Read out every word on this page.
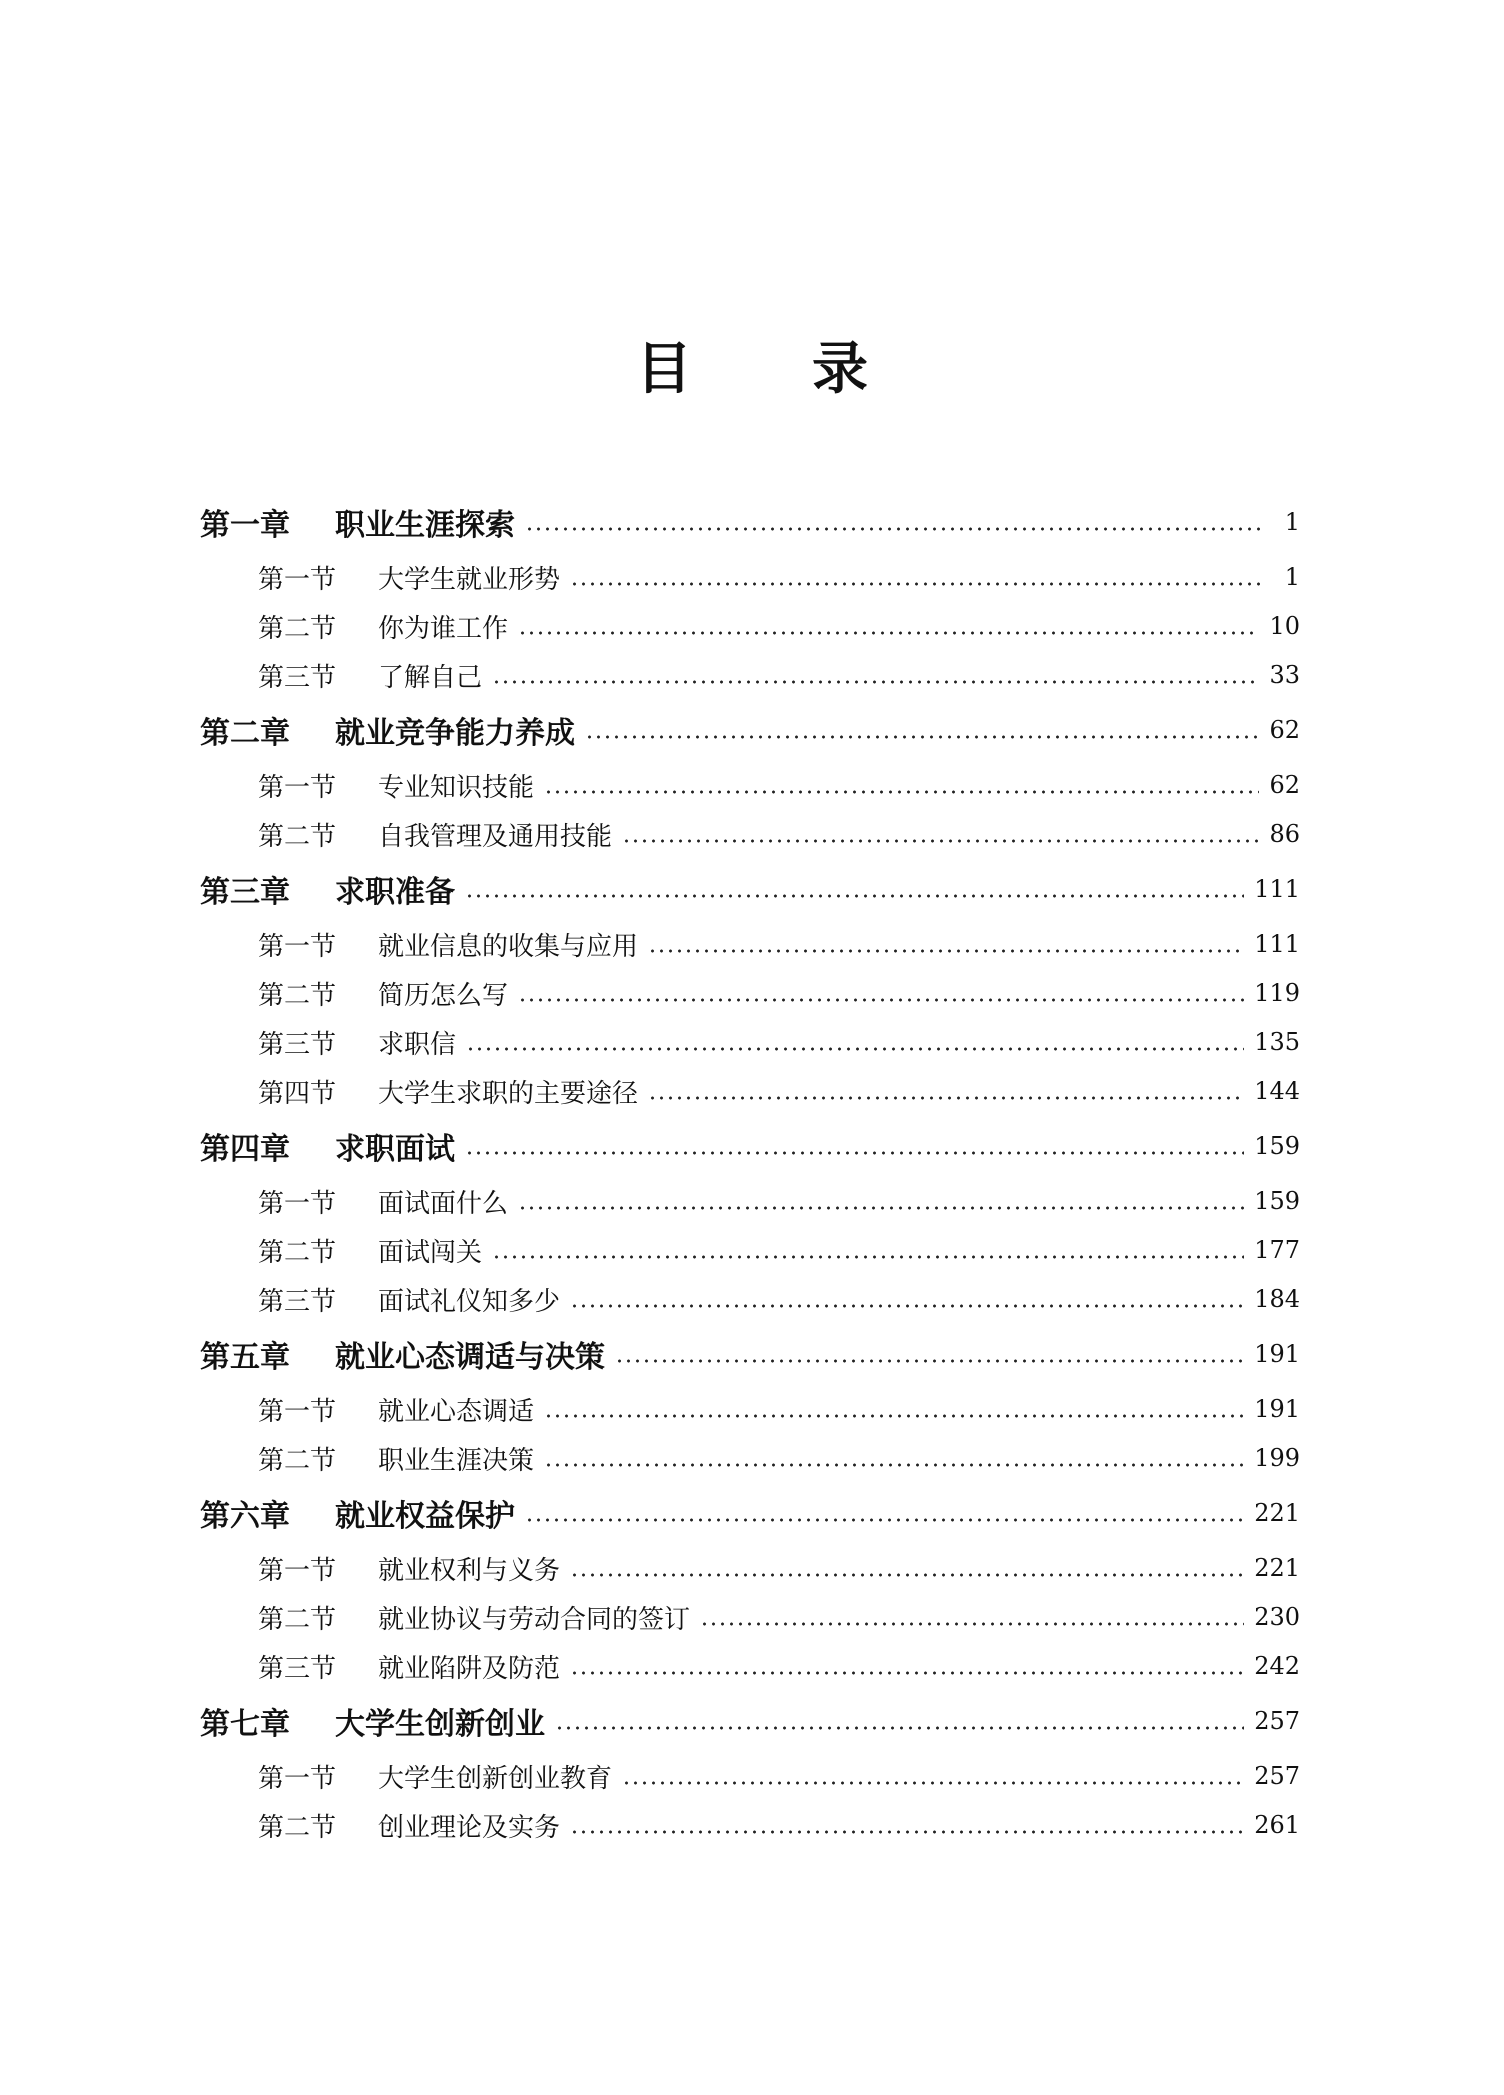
目 录
第一章	职业生涯探索	1
第一节	大学生就业形势	1
第二节	你为谁工作	10
第三节	了解自己	33
第二章	就业竞争能力养成	62
第一节	专业知识技能	62
第二节	自我管理及通用技能	86
第三章	求职准备	111
第一节	就业信息的收集与应用	111
第二节	简历怎么写	119
第三节	求职信	135
第四节	大学生求职的主要途径	144
第四章	求职面试	159
第一节	面试面什么	159
第二节	面试闯关	177
第三节	面试礼仪知多少	184
第五章	就业心态调适与决策	191
第一节	就业心态调适	191
第二节	职业生涯决策	199
第六章	就业权益保护	221
第一节	就业权利与义务	221
第二节	就业协议与劳动合同的签订	230
第三节	就业陷阱及防范	242
第七章	大学生创新创业	257
第一节	大学生创新创业教育	257
第二节	创业理论及实务	261
